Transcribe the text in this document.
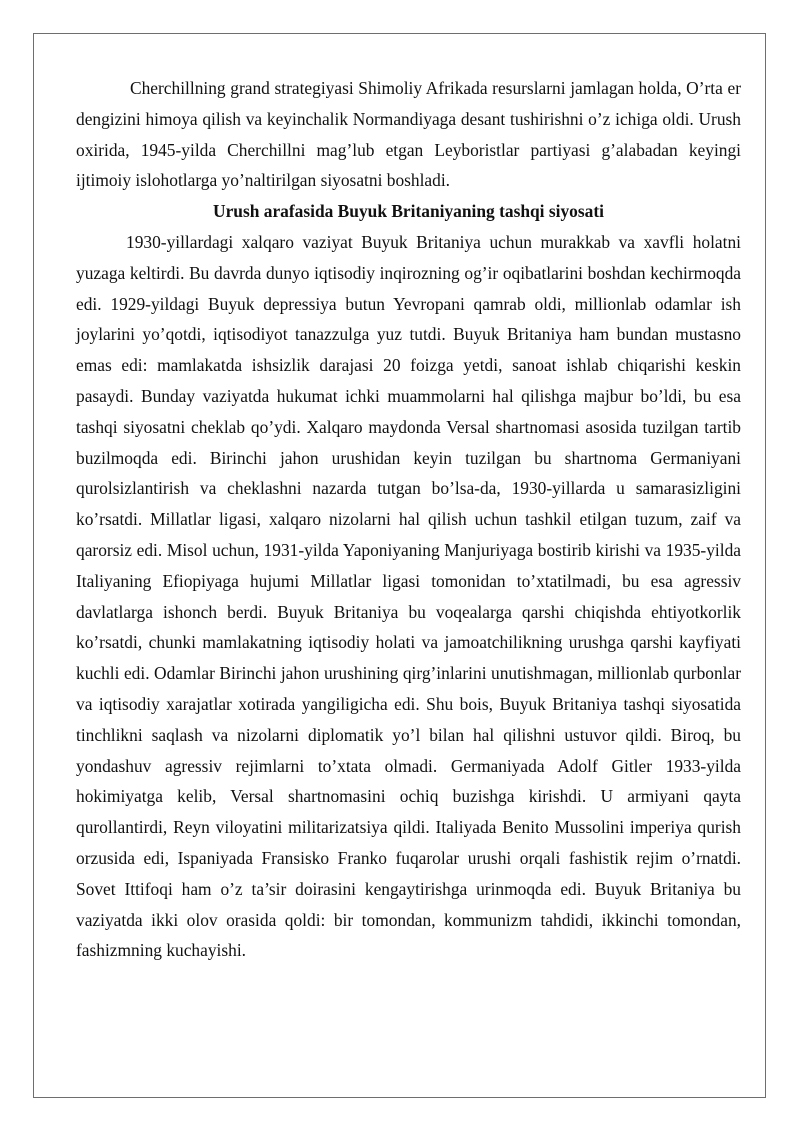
Cherchillning grand strategiyasi Shimoliy Afrikada resurslarni jamlagan holda, O’rta er dengizini himoya qilish va keyinchalik Normandiyaga desant tushirishni o’z ichiga oldi. Urush oxirida, 1945-yilda Cherchillni mag’lub etgan Leyboristlar partiyasi g’alabadan keyingi ijtimoiy islohotlarga yo’naltirilgan siyosatni boshladi.

Urush arafasida Buyuk Britaniyaning tashqi siyosati

1930-yillardagi xalqaro vaziyat Buyuk Britaniya uchun murakkab va xavfli holatni yuzaga keltirdi. Bu davrda dunyo iqtisodiy inqirozning og’ir oqibatlarini boshdan kechirmoqda edi. 1929-yildagi Buyuk depressiya butun Yevropani qamrab oldi, millionlab odamlar ish joylarini yo’qotdi, iqtisodiyot tanazzulga yuz tutdi. Buyuk Britaniya ham bundan mustasno emas edi: mamlakatda ishsizlik darajasi 20 foizga yetdi, sanoat ishlab chiqarishi keskin pasaydi. Bunday vaziyatda hukumat ichki muammolarni hal qilishga majbur bo’ldi, bu esa tashqi siyosatni cheklab qo’ydi. Xalqaro maydonda Versal shartnomasi asosida tuzilgan tartib buzilmoqda edi. Birinchi jahon urushidan keyin tuzilgan bu shartnoma Germaniyani qurolsizlantirish va cheklashni nazarda tutgan bo’lsa-da, 1930-yillarda u samarasizligini ko’rsatdi. Millatlar ligasi, xalqaro nizolarni hal qilish uchun tashkil etilgan tuzum, zaif va qarorsiz edi. Misol uchun, 1931-yilda Yaponiyaning Manjuriyaga bostirib kirishi va 1935-yilda Italiyaning Efiopiyaga hujumi Millatlar ligasi tomonidan to’xtatilmadi, bu esa agressiv davlatlarga ishonch berdi. Buyuk Britaniya bu voqealarga qarshi chiqishda ehtiyotkorlik ko’rsatdi, chunki mamlakatning iqtisodiy holati va jamoatchilikning urushga qarshi kayfiyati kuchli edi. Odamlar Birinchi jahon urushining qirg’inlarini unutishmagan, millionlab qurbonlar va iqtisodiy xarajatlar xotirada yangiligicha edi. Shu bois, Buyuk Britaniya tashqi siyosatida tinchlikni saqlash va nizolarni diplomatik yo’l bilan hal qilishni ustuvor qildi. Biroq, bu yondashuv agressiv rejimlarni to’xtata olmadi. Germaniyada Adolf Gitler 1933-yilda hokimiyatga kelib, Versal shartnomasini ochiq buzishga kirishdi. U armiyani qayta qurollantirdi, Reyn viloyatini militarizatsiya qildi. Italiyada Benito Mussolini imperiya qurish orzusida edi, Ispaniyada Fransisko Franko fuqarolar urushi orqali fashistik rejim o’rnatdi. Sovet Ittifoqi ham o’z ta’sir doirasini kengaytirishga urinmoqda edi. Buyuk Britaniya bu vaziyatda ikki olov orasida qoldi: bir tomondan, kommunizm tahdidi, ikkinchi tomondan, fashizmning kuchayishi.
